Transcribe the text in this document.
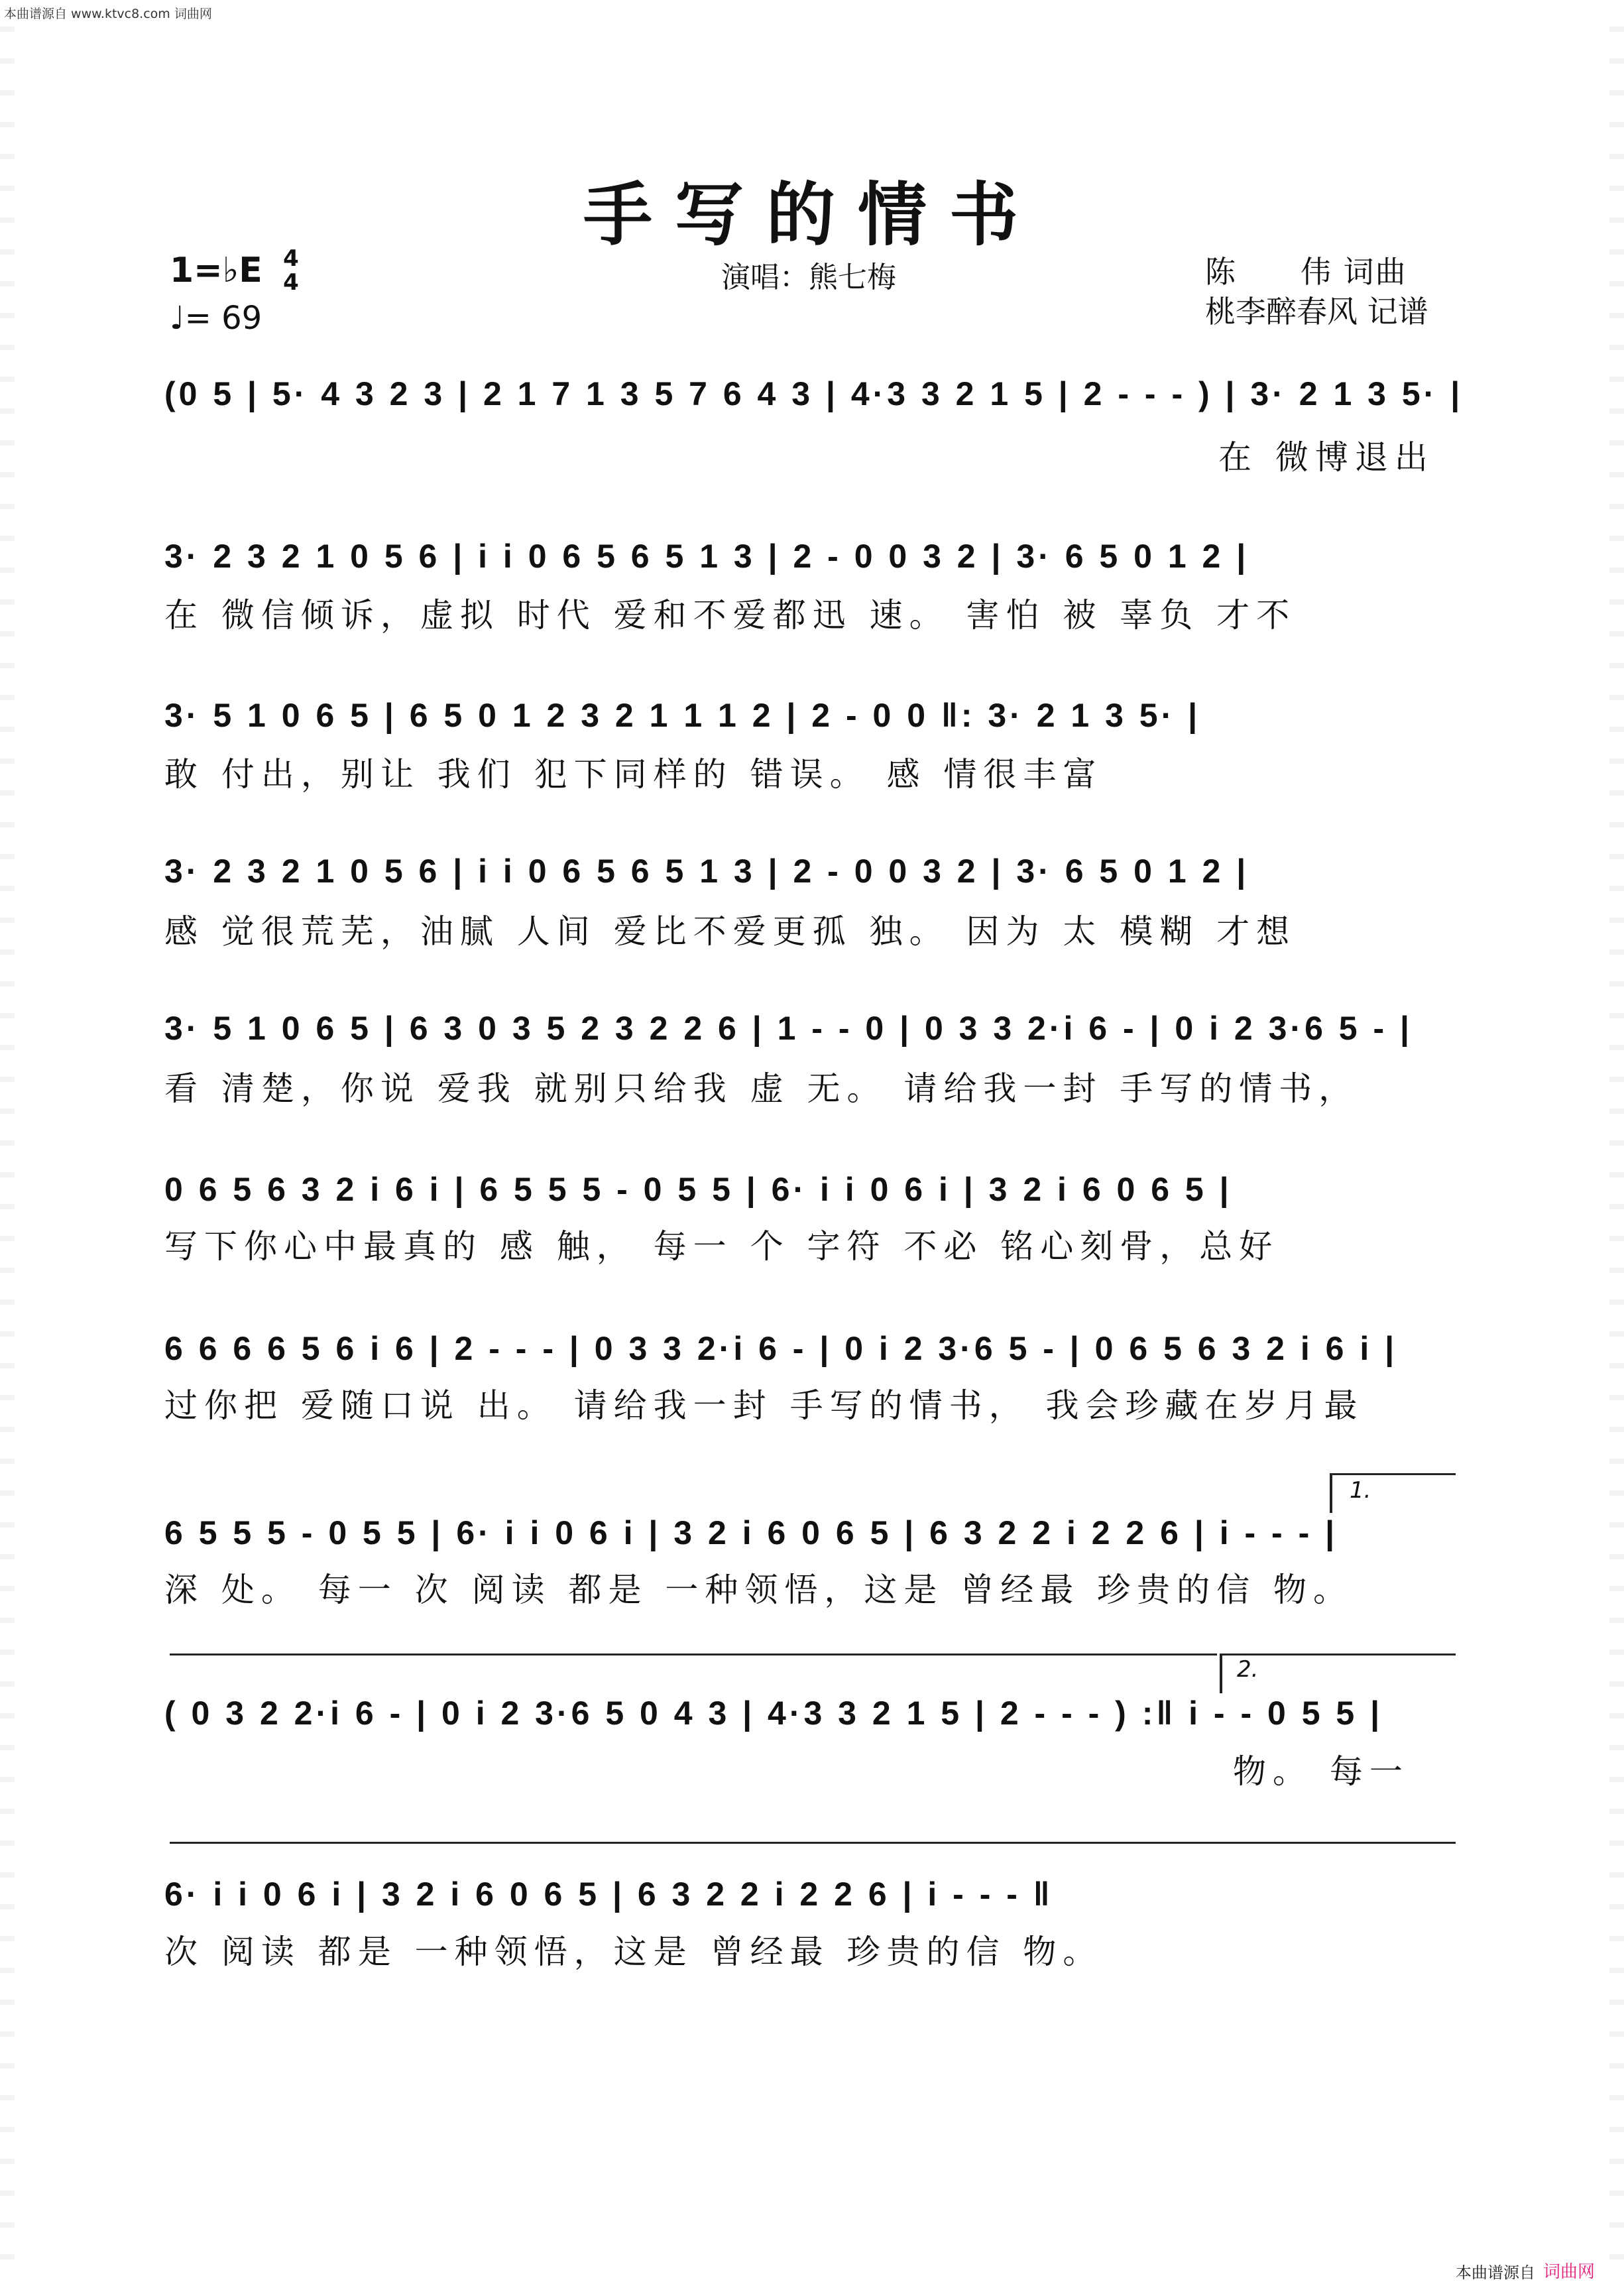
本曲谱源自 www.ktvc8.com 词曲网
手写的情书
1=♭E 4
4
♩= 69
演唱：熊七梅	陈　　伟 词曲
桃李醉春风 记谱
(0 5 | 5· 4 3 2 3 | 2 1 7 1 3 5 7 6 4 3 | 4·3 3 2 1 5 | 2 - - - ) | 3· 2 1 3 5· |
在 微博退出
3· 2 3 2 1 0 5 6 | i i 0 6 5 6 5 1 3 | 2 - 0 0 3 2 | 3· 6 5 0 1 2 |
在 微信倾诉，虚拟 时代 爱和不爱都迅 速。 害怕 被 辜负 才不
3· 5 1 0 6 5 | 6 5 0 1 2 3 2 1 1 1 2 | 2 - 0 0 ‖: 3· 2 1 3 5· |
敢 付出，别让 我们 犯下同样的 错误。 感 情很丰富
3· 2 3 2 1 0 5 6 | i i 0 6 5 6 5 1 3 | 2 - 0 0 3 2 | 3· 6 5 0 1 2 |
感 觉很荒芜，油腻 人间 爱比不爱更孤 独。 因为 太 模糊 才想
3· 5 1 0 6 5 | 6 3 0 3 5 2 3 2 2 6 | 1 - - 0 | 0 3 3 2·i 6 - | 0 i 2 3·6 5 - |
看 清楚，你说 爱我 就别只给我 虚 无。 请给我一封 手写的情书，
0 6 5 6 3 2 i 6 i | 6 5 5 5 - 0 5 5 | 6· i i 0 6 i | 3 2 i 6 0 6 5 |
写下你心中最真的 感 触， 每一 个 字符 不必 铭心刻骨，总好
6 6 6 6 5 6 i 6 | 2 - - - | 0 3 3 2·i 6 - | 0 i 2 3·6 5 - | 0 6 5 6 3 2 i 6 i |
过你把 爱随口说 出。 请给我一封 手写的情书， 我会珍藏在岁月最
1.
6 5 5 5 - 0 5 5 | 6· i i 0 6 i | 3 2 i 6 0 6 5 | 6 3 2 2 i 2 2 6 | i - - - |
深 处。 每一 次 阅读 都是 一种领悟，这是 曾经最 珍贵的信 物。
2.
( 0 3 2 2·i 6 - | 0 i 2 3·6 5 0 4 3 | 4·3 3 2 1 5 | 2 - - - ) :‖ i - - 0 5 5 |
物。 每一
6· i i 0 6 i | 3 2 i 6 0 6 5 | 6 3 2 2 i 2 2 6 | i - - - ‖
次 阅读 都是 一种领悟，这是 曾经最 珍贵的信 物。
本曲谱源自 词曲网
